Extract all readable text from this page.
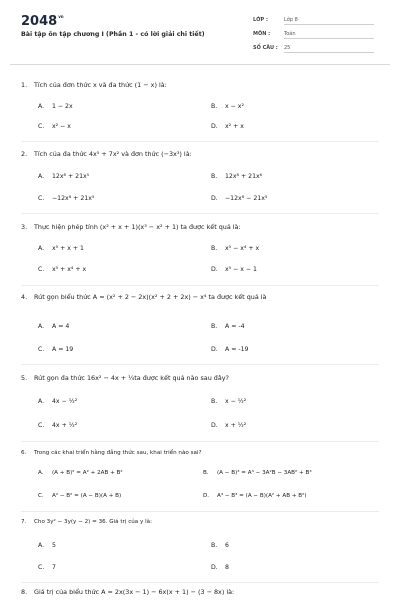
$2048^{vn}$
Bài tập ôn tập chương I (Phần 1 - có lời giải chi tiết)
LỚP :	Lớp 8
MÔN :	Toán
SỐ CÂU : 25
1. Tích của đơn thức x và đa thức (1 − x) là:
A. 1 − 2x	B. x − x²
C. x² − x	D. x² + x
2. Tích của đa thức 4x⁵ + 7x² và đơn thức (−3x³) là:
A. 12x⁸ + 21x⁵	B. 12x⁸ + 21x⁶
C. −12x⁸ + 21x⁵	D. −12x⁸ − 21x⁵
3. Thực hiện phép tính (x² + x + 1)(x³ − x² + 1) ta được kết quả là:
A. x⁵ + x + 1	B. x⁵ − x⁴ + x
C. x⁵ + x⁴ + x	D. x⁵ − x − 1
4. Rút gọn biểu thức A = (x² + 2 − 2x)(x² + 2 + 2x) − x⁴ ta được kết quả là
A. A = 4	B. A = -4
C. A = 19	D. A = -19
5. Rút gọn đa thức 16x² − 4x + ¼ta được kết quả nào sau đây?
A. 4x − ½²	B. x − ½²
C. 4x + ½²	D. x + ½²
6. Trong các khai triển hằng đẳng thức sau, khai triển nào sai?
A. (A + B)² = A² + 2AB + B²	B. (A − B)³ = A³ − 3A²B − 3AB² + B³
C. A² − B² = (A − B)(A + B)	D. A³ − B³ = (A − B)(A² + AB + B²)
7. Cho 3y² − 3y(y − 2) = 36. Giá trị của y là:
A. 5	B. 6
C. 7	D. 8
8. Giá trị của biểu thức A = 2x(3x − 1) − 6x(x + 1) − (3 − 8x) là:
